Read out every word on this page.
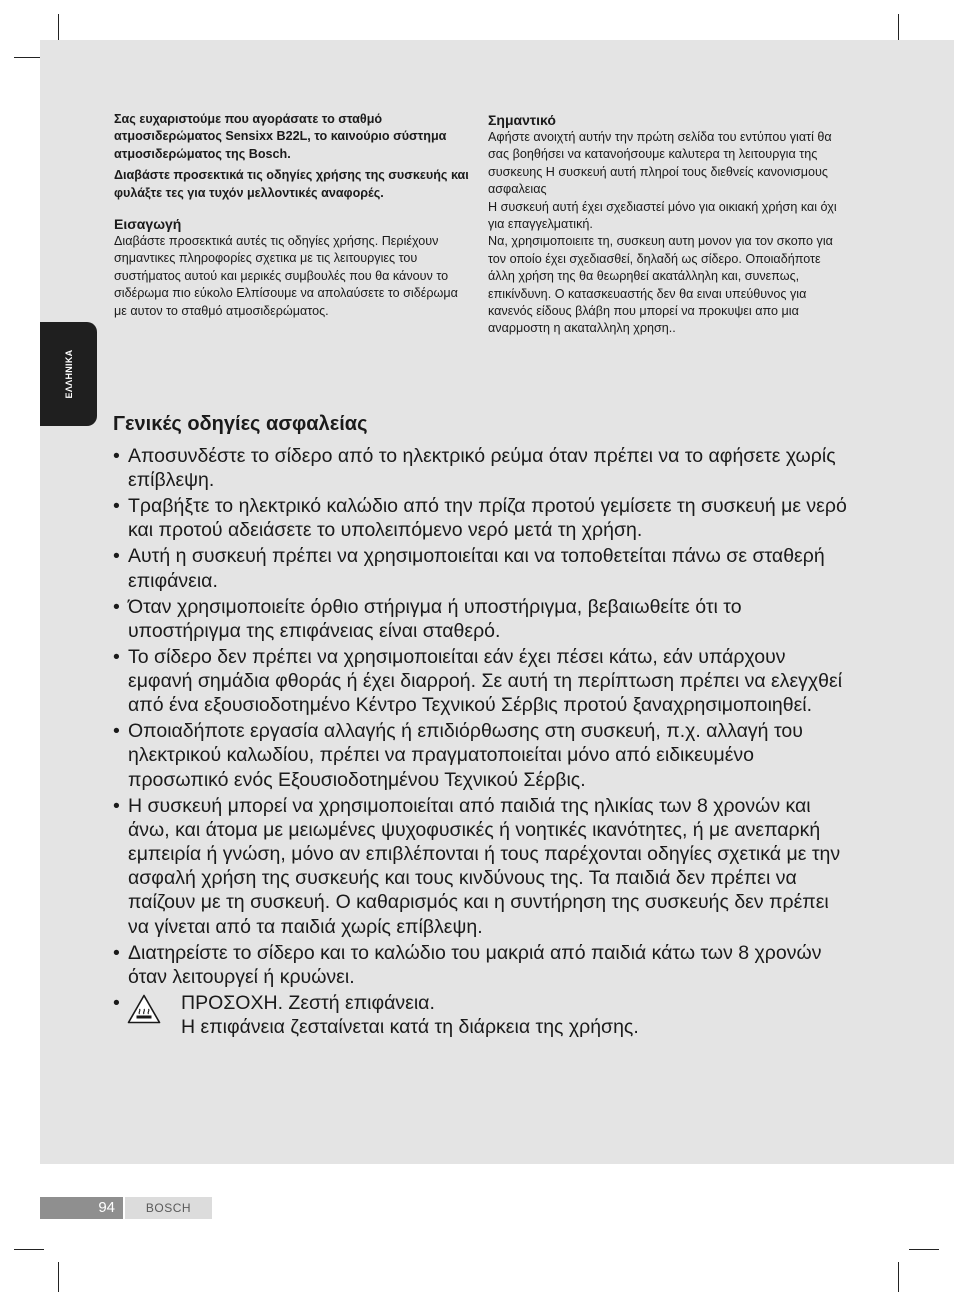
ΕΛΛΗΝΙΚΑ

Σας ευχαριστούμε που αγοράσατε το σταθμό ατμοσιδερώματος Sensixx B22L, το καινούριο σύστημα ατμοσιδερώματος της Bosch.

Διαβάστε προσεκτικά τις οδηγίες χρήσης της συσκευής και φυλάξτε τες για τυχόν μελλοντικές αναφορές.

Εισαγωγή

Διαβάστε προσεκτικά αυτές τις οδηγίες χρήσης. Περιέχουν σημαντικες πληροφορίες σχετικα με τις λειτουργιες του συστήματος αυτού και μερικές συμβουλές που θα κάνουν το σιδέρωμα πιο εύκολο Ελπίσουμε να απολαύσετε το σιδέρωμα με αυτον το σταθμό ατμοσιδερώματος.

Σημαντικό

Αφήστε ανοιχτή αυτήν την πρώτη σελίδα του εντύπου γιατί θα σας βοηθήσει να κατανοήσουμε καλυτερα τη λειτουργια της συσκευης Η συσκευή αυτή πληροί τους διεθνείς κανονισμους ασφαλειας

Η συσκευή αυτή έχει σχεδιαστεί μόνο για οικιακή χρήση και όχι για επαγγελματική.

Να, χρησιμοποιειτε τη, συσκευη αυτη μονον για τον σκοπο για τον οποίο έχει σχεδιασθεί, δηλαδή ως σίδερο. Οποιαδήποτε άλλη χρήση της θα θεωρηθεί ακατάλληλη και, συνεπως, επικίνδυνη. Ο κατασκευαστής δεν θα ειναι υπεύθυνος για κανενός είδους βλάβη που μπορεί να προκυψει απο μια αναρμοστη η ακαταλληλη χρηση..

Γενικές οδηγίες ασφαλείας
• Αποσυνδέστε το σίδερο από το ηλεκτρικό ρεύμα όταν πρέπει να το αφήσετε χωρίς επίβλεψη.
• Τραβήξτε το ηλεκτρικό καλώδιο από την πρίζα προτού γεμίσετε τη συσκευή με νερό και προτού αδειάσετε το υπολειπόμενο νερό μετά τη χρήση.
• Αυτή η συσκευή πρέπει να χρησιμοποιείται και να τοποθετείται πάνω σε σταθερή επιφάνεια.
• Όταν χρησιμοποιείτε όρθιο στήριγμα ή υποστήριγμα, βεβαιωθείτε ότι το υποστήριγμα της επιφάνειας είναι σταθερό.
• Το σίδερο δεν πρέπει να χρησιμοποιείται εάν έχει πέσει κάτω, εάν υπάρχουν εμφανή σημάδια φθοράς ή έχει διαρροή. Σε αυτή τη περίπτωση πρέπει να ελεγχθεί από ένα εξουσιοδοτημένο Κέντρο Τεχνικού Σέρβις προτού ξαναχρησιμοποιηθεί.
• Οποιαδήποτε εργασία αλλαγής ή επιδιόρθωσης στη συσκευή, π.χ. αλλαγή του ηλεκτρικού καλωδίου, πρέπει να πραγματοποιείται μόνο από ειδικευμένο προσωπικό ενός Εξουσιοδοτημένου Τεχνικού Σέρβις.
• Η συσκευή μπορεί να χρησιμοποιείται από παιδιά της ηλικίας των 8 χρονών και άνω, και άτομα με μειωμένες ψυχοφυσικές ή νοητικές ικανότητες, ή με ανεπαρκή εμπειρία ή γνώση, μόνο αν επιβλέπονται ή τους παρέχονται οδηγίες σχετικά με την ασφαλή χρήση της συσκευής και τους κινδύνους της. Τα παιδιά δεν πρέπει να παίζουν με τη συσκευή. Ο καθαρισμός και η συντήρηση της συσκευής δεν πρέπει να γίνεται από τα παιδιά χωρίς επίβλεψη.
• Διατηρείστε το σίδερο και το καλώδιο του μακριά από παιδιά κάτω των 8 χρονών όταν λειτουργεί ή κρυώνει.
•	ΠΡΟΣΟΧΗ. Ζεστή επιφάνεια.
Η επιφάνεια ζεσταίνεται κατά τη διάρκεια της χρήσης.
94	BOSCH
